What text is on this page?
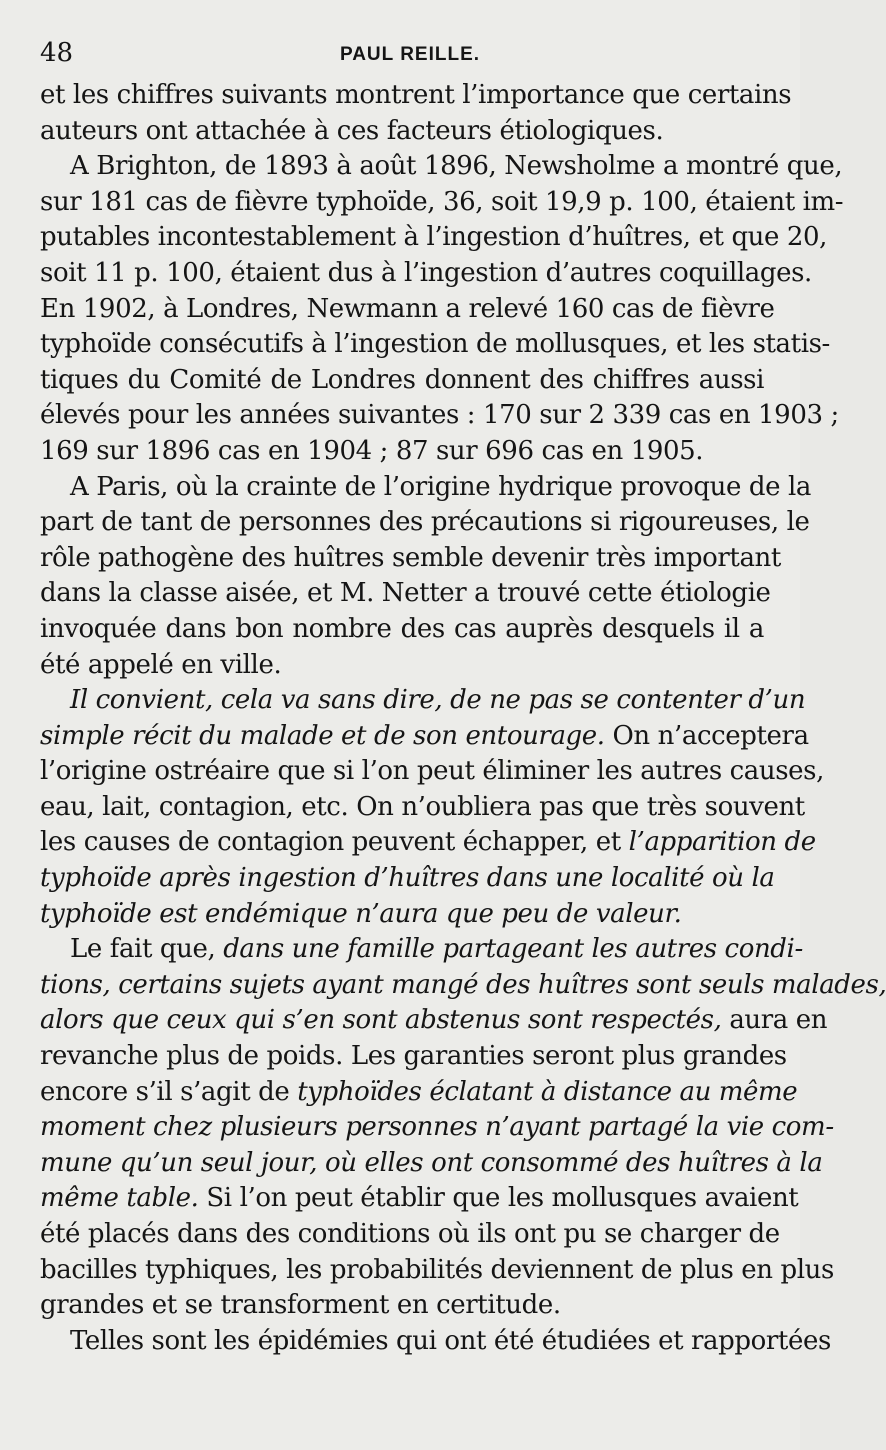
48	PAUL REILLE.
et les chiffres suivants montrent l’importance que certains
auteurs ont attachée à ces facteurs étiologiques.
A Brighton, de 1893 à août 1896, Newsholme a montré que,
sur 181 cas de fièvre typhoïde, 36, soit 19,9 p. 100, étaient im-
putables incontestablement à l’ingestion d’huîtres, et que 20,
soit 11 p. 100, étaient dus à l’ingestion d’autres coquillages.
En 1902, à Londres, Newmann a relevé 160 cas de fièvre
typhoïde consécutifs à l’ingestion de mollusques, et les statis-
tiques du Comité de Londres donnent des chiffres aussi
élevés pour les années suivantes : 170 sur 2 339 cas en 1903 ;
169 sur 1896 cas en 1904 ; 87 sur 696 cas en 1905.
A Paris, où la crainte de l’origine hydrique provoque de la
part de tant de personnes des précautions si rigoureuses, le
rôle pathogène des huîtres semble devenir très important
dans la classe aisée, et M. Netter a trouvé cette étiologie
invoquée dans bon nombre des cas auprès desquels il a
été appelé en ville.
Il convient, cela va sans dire, de ne pas se contenter d’un
simple récit du malade et de son entourage. On n’acceptera
l’origine ostréaire que si l’on peut éliminer les autres causes,
eau, lait, contagion, etc. On n’oubliera pas que très souvent
les causes de contagion peuvent échapper, et l’apparition de
typhoïde après ingestion d’huîtres dans une localité où la
typhoïde est endémique n’aura que peu de valeur.
Le fait que, dans une famille partageant les autres condi-
tions, certains sujets ayant mangé des huîtres sont seuls malades,
alors que ceux qui s’en sont abstenus sont respectés, aura en
revanche plus de poids. Les garanties seront plus grandes
encore s’il s’agit de typhoïdes éclatant à distance au même
moment chez plusieurs personnes n’ayant partagé la vie com-
mune qu’un seul jour, où elles ont consommé des huîtres à la
même table. Si l’on peut établir que les mollusques avaient
été placés dans des conditions où ils ont pu se charger de
bacilles typhiques, les probabilités deviennent de plus en plus
grandes et se transforment en certitude.
Telles sont les épidémies qui ont été étudiées et rapportées
